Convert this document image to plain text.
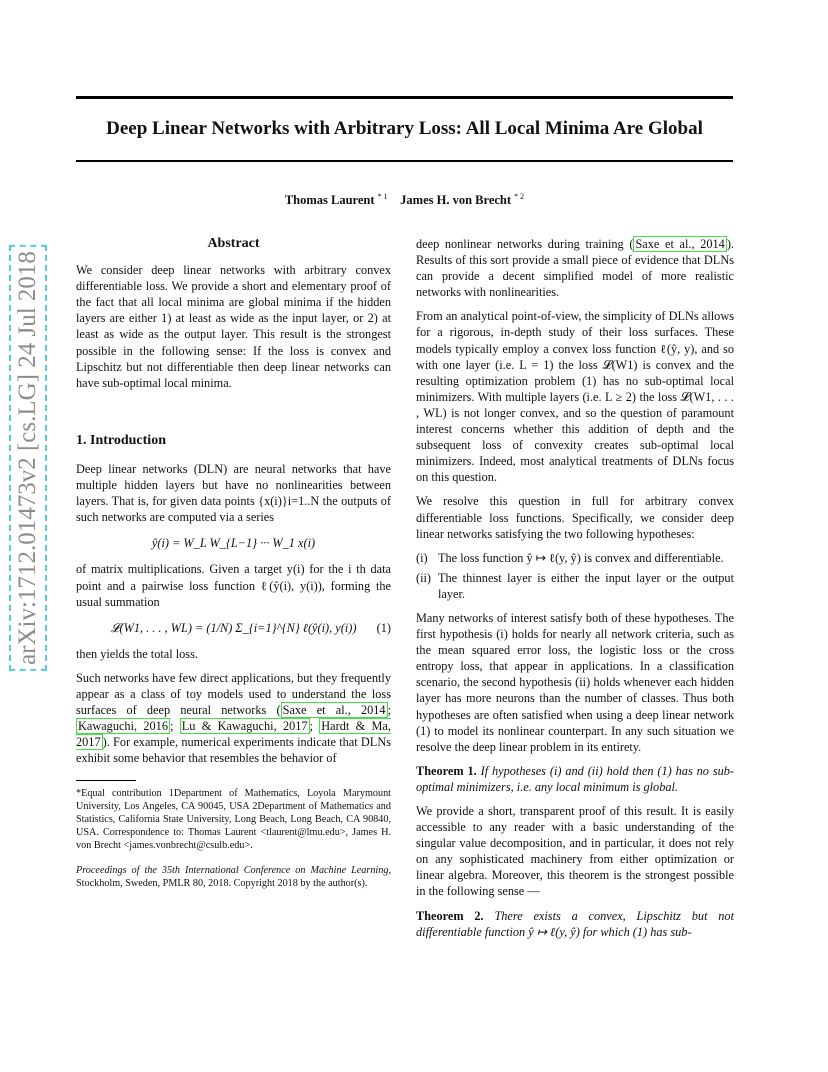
Deep Linear Networks with Arbitrary Loss: All Local Minima Are Global
Thomas Laurent $^{* 1}$ James H. von Brecht $^{* 2}$
arXiv:1712.01473v2 [cs.LG] 24 Jul 2018
Abstract

We consider deep linear networks with arbitrary convex differentiable loss. We provide a short and elementary proof of the fact that all local minima are global minima if the hidden layers are either 1) at least as wide as the input layer, or 2) at least as wide as the output layer. This result is the strongest possible in the following sense: If the loss is convex and Lipschitz but not differentiable then deep linear networks can have sub-optimal local minima.

1. Introduction

Deep linear networks (DLN) are neural networks that have multiple hidden layers but have no nonlinearities between layers. That is, for given data points {x(i)}i=1..N the outputs of such networks are computed via a series

ŷ(i) = W_L W_{L−1} ··· W_1 x(i)

of matrix multiplications. Given a target y(i) for the i th data point and a pairwise loss function ℓ(ŷ(i), y(i)), forming the usual summation

𝓛(W1, . . . , WL) = (1/N) Σ_{i=1}^{N} ℓ(ŷ(i), y(i)) (1)

then yields the total loss.

Such networks have few direct applications, but they frequently appear as a class of toy models used to understand the loss surfaces of deep neural networks ( Saxe et al., 2014 ; Kawaguchi, 2016 ; Lu & Kawaguchi, 2017 ; Hardt & Ma, 2017 ). For example, numerical experiments indicate that DLNs exhibit some behavior that resembles the behavior of

*Equal contribution 1Department of Mathematics, Loyola Marymount University, Los Angeles, CA 90045, USA 2Department of Mathematics and Statistics, California State University, Long Beach, Long Beach, CA 90840, USA. Correspondence to: Thomas Laurent <tlaurent@lmu.edu>, James H. von Brecht <james.vonbrecht@csulb.edu>.
Proceedings of the 35th International Conference on Machine Learning, Stockholm, Sweden, PMLR 80, 2018. Copyright 2018 by the author(s).

deep nonlinear networks during training ( Saxe et al., 2014 ). Results of this sort provide a small piece of evidence that DLNs can provide a decent simplified model of more realistic networks with nonlinearities.

From an analytical point-of-view, the simplicity of DLNs allows for a rigorous, in-depth study of their loss surfaces. These models typically employ a convex loss function ℓ(ŷ, y), and so with one layer (i.e. L = 1) the loss 𝓛(W1) is convex and the resulting optimization problem (1) has no sub-optimal local minimizers. With multiple layers (i.e. L ≥ 2) the loss 𝓛(W1, . . . , WL) is not longer convex, and so the question of paramount interest concerns whether this addition of depth and the subsequent loss of convexity creates sub-optimal local minimizers. Indeed, most analytical treatments of DLNs focus on this question.

We resolve this question in full for arbitrary convex differentiable loss functions. Specifically, we consider deep linear networks satisfying the two following hypotheses:

(i) The loss function ŷ ↦ ℓ(y, ŷ) is convex and differentiable.
(ii) The thinnest layer is either the input layer or the output layer.

Many networks of interest satisfy both of these hypotheses. The first hypothesis (i) holds for nearly all network criteria, such as the mean squared error loss, the logistic loss or the cross entropy loss, that appear in applications. In a classification scenario, the second hypothesis (ii) holds whenever each hidden layer has more neurons than the number of classes. Thus both hypotheses are often satisfied when using a deep linear network (1) to model its nonlinear counterpart. In any such situation we resolve the deep linear problem in its entirety.

Theorem 1. If hypotheses (i) and (ii) hold then (1) has no sub-optimal minimizers, i.e. any local minimum is global.

We provide a short, transparent proof of this result. It is easily accessible to any reader with a basic understanding of the singular value decomposition, and in particular, it does not rely on any sophisticated machinery from either optimization or linear algebra. Moreover, this theorem is the strongest possible in the following sense —

Theorem 2. There exists a convex, Lipschitz but not differentiable function ŷ ↦ ℓ(y, ŷ) for which (1) has sub-
